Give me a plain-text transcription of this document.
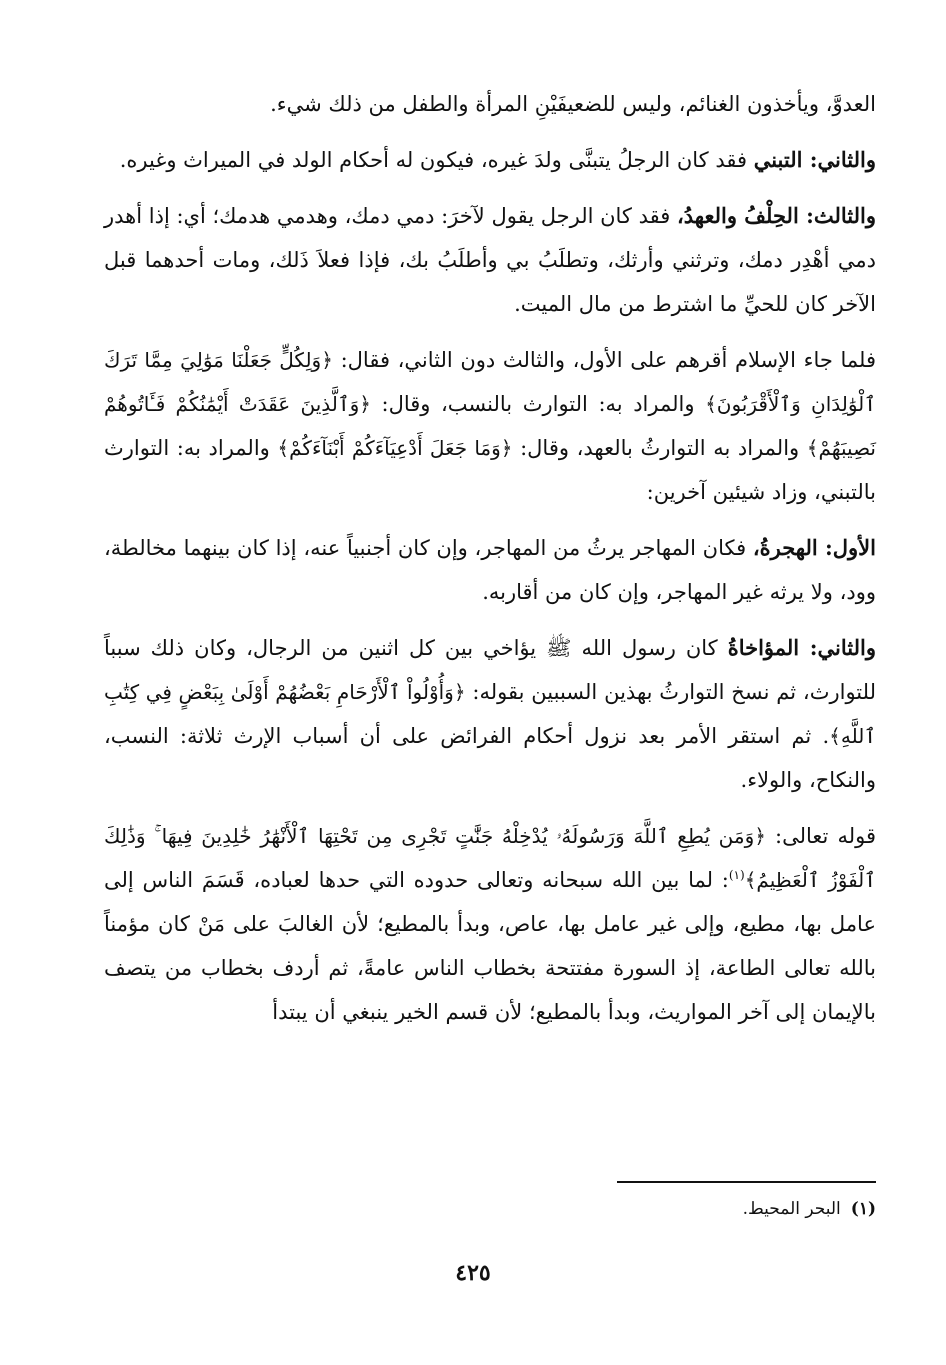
العدوَّ، ويأخذون الغنائم، وليس للضعيفَيْنِ المرأة والطفل من ذلك شيء.

والثاني: التبني فقد كان الرجلُ يتبنَّى ولدَ غيره، فيكون له أحكام الولد في الميراث وغيره.

والثالث: الحِلْفُ والعهدُ، فقد كان الرجل يقول لآخرَ: دمي دمك، وهدمي هدمك؛ أي: إذا أهدر دمي أهْدِر دمك، وترثني وأرثك، وتطلَبُ بي وأطلَبُ بك، فإذا فعلاَ ذَلك، ومات أحدهما قبل الآخر كان للحيِّ ما اشترط من مال الميت.

فلما جاء الإسلام أقرهم على الأول، والثالث دون الثاني، فقال: ﴿وَلِكُلٍّ جَعَلْنَا مَوَٰلِيَ مِمَّا تَرَكَ ٱلْوَٰلِدَانِ وَٱلْأَقْرَبُونَ﴾ والمراد به: التوارث بالنسب، وقال: ﴿وَٱلَّذِينَ عَقَدَتْ أَيْمَٰنُكُمْ فَـَٔاتُوهُمْ نَصِيبَهُمْ﴾ والمراد به التوارثُ بالعهد، وقال: ﴿وَمَا جَعَلَ أَدْعِيَآءَكُمْ أَبْنَآءَكُمْ﴾ والمراد به: التوارث بالتبني، وزاد شيئين آخرين:

الأول: الهجرةُ، فكان المهاجر يرثُ من المهاجر، وإن كان أجنبياً عنه، إذا كان بينهما مخالطة، وود، ولا يرثه غير المهاجر، وإن كان من أقاربه.

والثاني: المؤاخاةُ كان رسول الله ﷺ يؤاخي بين كل اثنين من الرجال، وكان ذلك سبباً للتوارث، ثم نسخ التوارثُ بهذين السببين بقوله: ﴿وَأُوْلُواْ ٱلْأَرْحَامِ بَعْضُهُمْ أَوْلَىٰ بِبَعْضٍ فِي كِتَٰبِ ٱللَّهِ﴾. ثم استقر الأمر بعد نزول أحكام الفرائض على أن أسباب الإرث ثلاثة: النسب، والنكاح، والولاء.

قوله تعالى: ﴿وَمَن يُطِعِ ٱللَّهَ وَرَسُولَهُۥ يُدْخِلْهُ جَنَّٰتٍ تَجْرِى مِن تَحْتِهَا ٱلْأَنْهَٰرُ خَٰلِدِينَ فِيهَا ۚ وَذَٰلِكَ ٱلْفَوْزُ ٱلْعَظِيمُ﴾$^{(١)}$: لما بين الله سبحانه وتعالى حدوده التي حدها لعباده، قَسَمَ الناس إلى عامل بها، مطيع، وإلى غير عامل بها، عاص، وبدأ بالمطيع؛ لأن الغالبَ على مَنْ كان مؤمناً بالله تعالى الطاعة، إذ السورة مفتتحة بخطاب الناس عامةً، ثم أردف بخطاب من يتصف بالإيمان إلى آخر المواريث، وبدأ بالمطيع؛ لأن قسم الخير ينبغي أن يبتدأ

(١)البحر المحيط.
٤٢٥
